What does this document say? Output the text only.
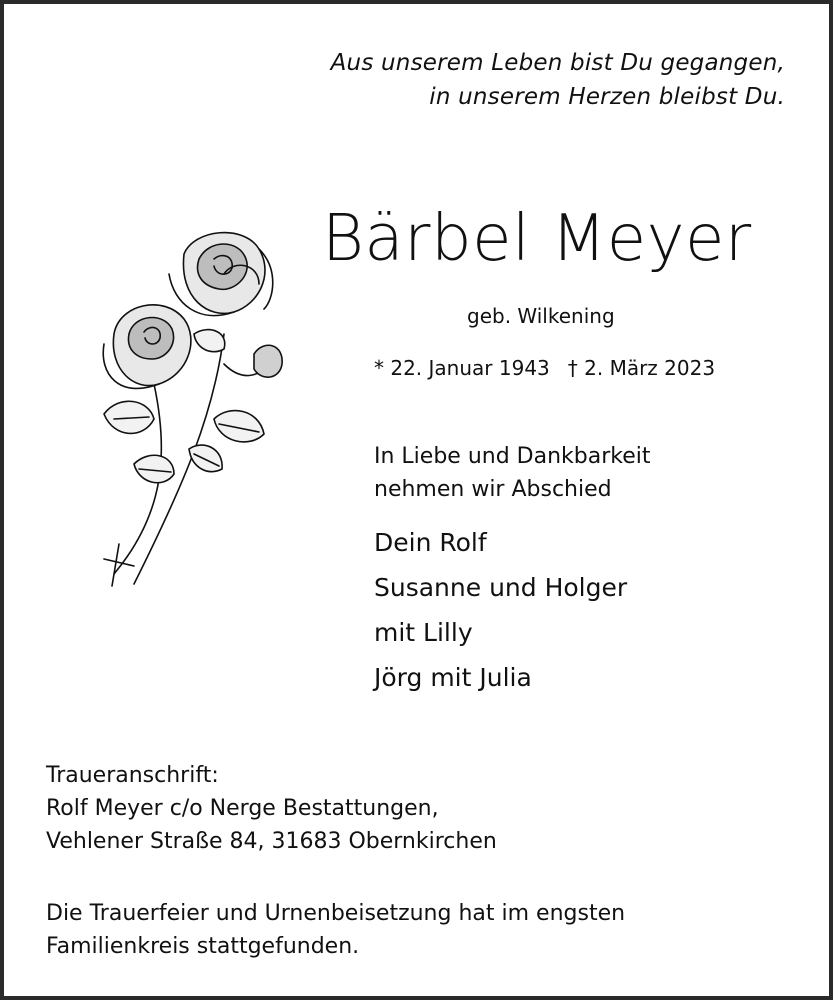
Aus unserem Leben bist Du gegangen,
in unserem Herzen bleibst Du.
Bärbel Meyer
geb. Wilkening
* 22. Januar 1943 † 2. März 2023
In Liebe und Dankbarkeit
nehmen wir Abschied
Dein Rolf
Susanne und Holger
mit Lilly
Jörg mit Julia
Traueranschrift:
Rolf Meyer c/o Nerge Bestattungen,
Vehlener Straße 84, 31683 Obernkirchen
Die Trauerfeier und Urnenbeisetzung hat im engsten
Familienkreis stattgefunden.
